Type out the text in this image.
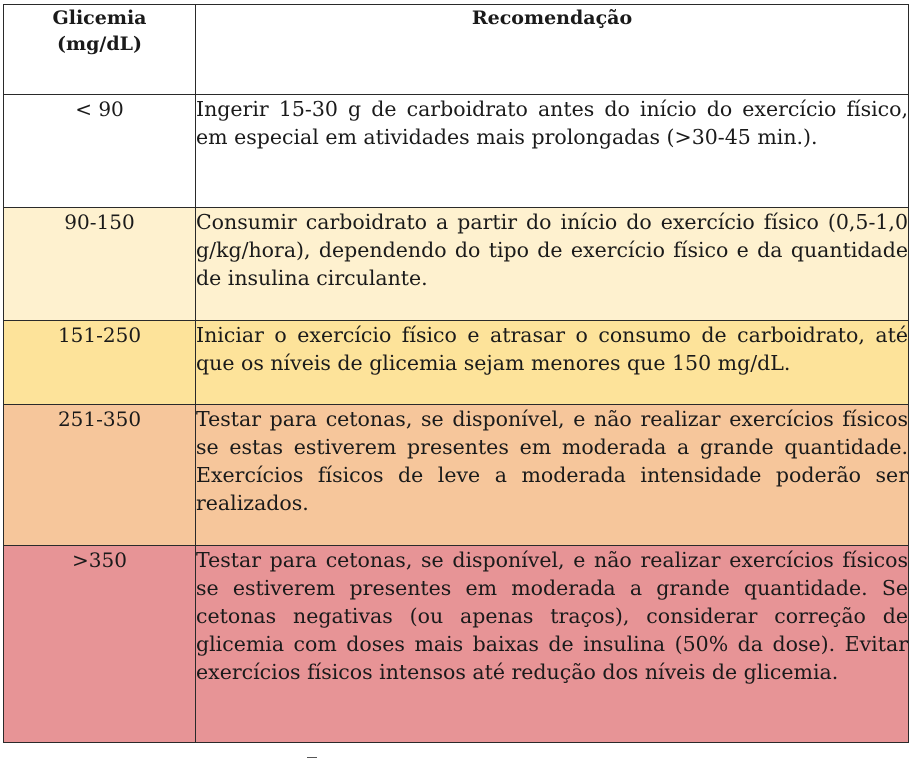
Glicemia
(mg/dL)	Recomendação
< 90	Ingerir 15-30 g de carboidrato antes do início do exercício físico, em especial em atividades mais prolongadas (>30-45 min.).
90-150	Consumir carboidrato a partir do início do exercício físico (0,5-1,0 g/kg/hora), dependendo do tipo de exercício físico e da quantidade de insulina circulante.
151-250	Iniciar o exercício físico e atrasar o consumo de carboidrato, até que os níveis de glicemia sejam menores que 150 mg/dL.
251-350	Testar para cetonas, se disponível, e não realizar exercícios físicos se estas estiverem presentes em moderada a grande quantidade. Exercícios físicos de leve a moderada intensidade poderão ser realizados.
>350	Testar para cetonas, se disponível, e não realizar exercícios físicos se estiverem presentes em moderada a grande quantidade. Se cetonas negativas (ou apenas traços), considerar correção de glicemia com doses mais baixas de insulina (50% da dose). Evitar exercícios físicos intensos até redução dos níveis de glicemia.
